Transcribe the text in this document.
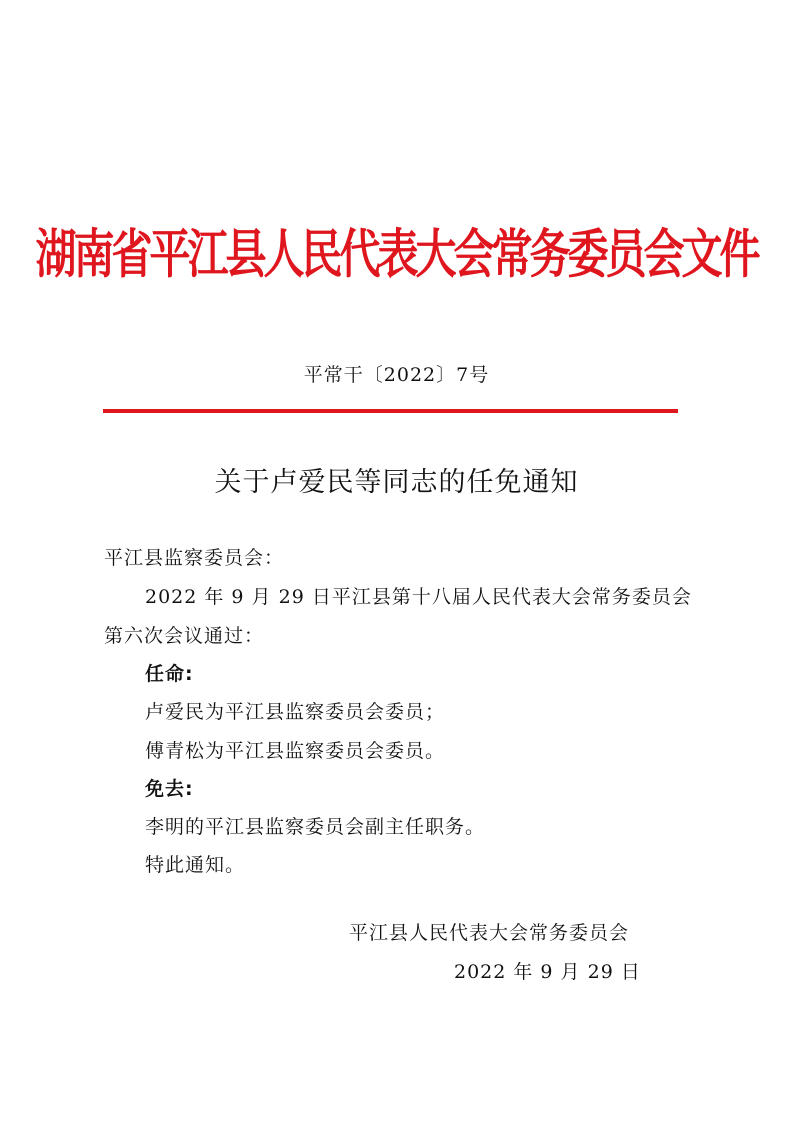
湖南省平江县人民代表大会常务委员会文件
平常干〔2022〕7号
关于卢爱民等同志的任免通知
平江县监察委员会：
2022 年 9 月 29 日平江县第十八届人民代表大会常务委员会
第六次会议通过：
任命:
卢爱民为平江县监察委员会委员；
傅青松为平江县监察委员会委员。
免去:
李明的平江县监察委员会副主任职务。
特此通知。
平江县人民代表大会常务委员会
2022 年 9 月 29 日
